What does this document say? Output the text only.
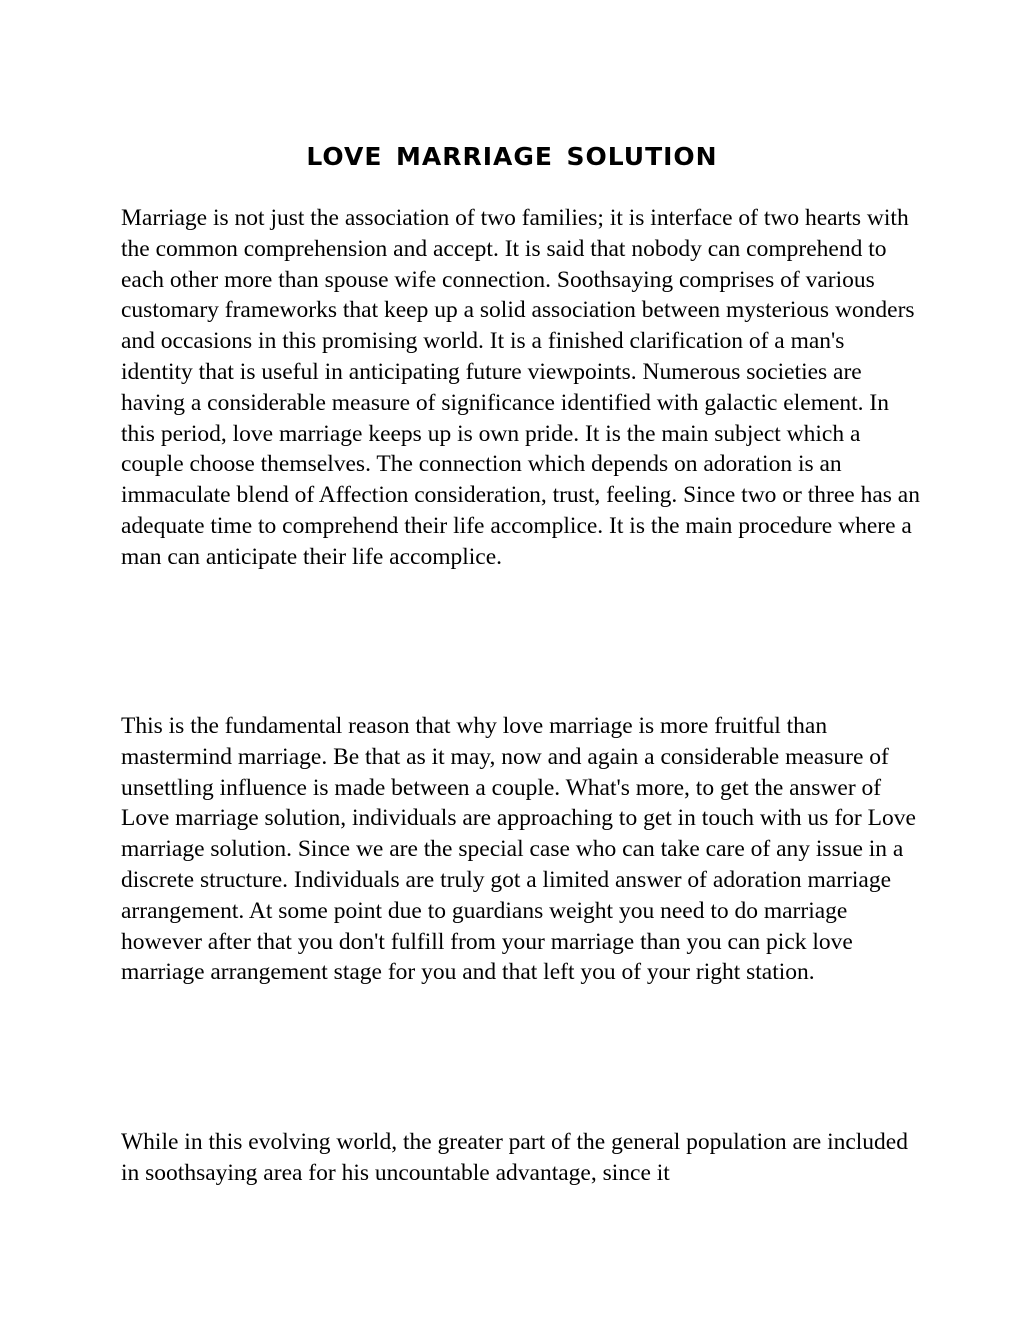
love marriage solution

Marriage is not just the association of two families; it is interface of two hearts with the common comprehension and accept. It is said that nobody can comprehend to each other more than spouse wife connection. Soothsaying comprises of various customary frameworks that keep up a solid association between mysterious wonders and occasions in this promising world. It is a finished clarification of a man's identity that is useful in anticipating future viewpoints. Numerous societies are having a considerable measure of significance identified with galactic element. In this period, love marriage keeps up is own pride. It is the main subject which a couple choose themselves. The connection which depends on adoration is an immaculate blend of Affection consideration, trust, feeling. Since two or three has an adequate time to comprehend their life accomplice. It is the main procedure where a man can anticipate their life accomplice.

This is the fundamental reason that why love marriage is more fruitful than mastermind marriage. Be that as it may, now and again a considerable measure of unsettling influence is made between a couple. What's more, to get the answer of Love marriage solution, individuals are approaching to get in touch with us for Love marriage solution. Since we are the special case who can take care of any issue in a discrete structure. Individuals are truly got a limited answer of adoration marriage arrangement. At some point due to guardians weight you need to do marriage however after that you don't fulfill from your marriage than you can pick love marriage arrangement stage for you and that left you of your right station.

While in this evolving world, the greater part of the general population are included in soothsaying area for his uncountable advantage, since it
